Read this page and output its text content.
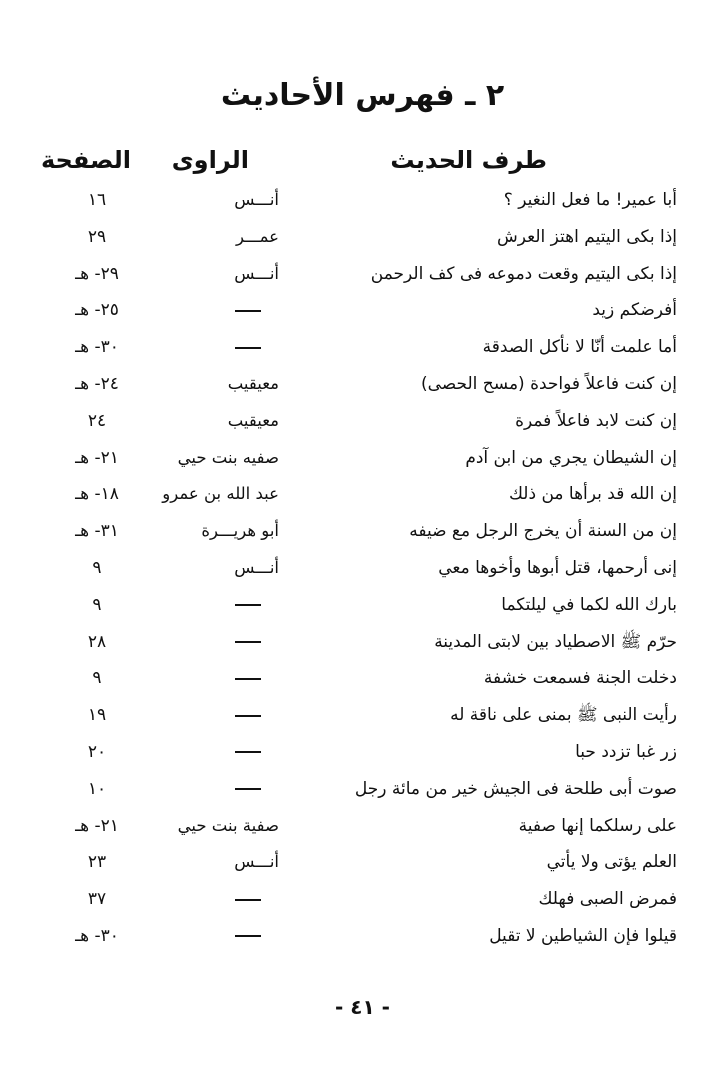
٢ ـ فهرس الأحاديث
طرف الحديث
الراوى
الصفحة
أبا عمير! ما فعل النغير ؟
أنـــس
١٦
إذا بكى اليتيم اهتز العرش
عمـــر
٢٩
إذا بكى اليتيم وقعت دموعه فى كف الرحمن
أنـــس
٢٩- هـ
أفرضكم زيد
٢٥- هـ
أما علمت أنّا لا نأكل الصدقة
٣٠- هـ
إن كنت فاعلاً فواحدة (مسح الحصى)
معيقيب
٢٤- هـ
إن كنت لابد فاعلاً فمرة
معيقيب
٢٤
إن الشيطان يجري من ابن آدم
صفيه بنت حيي
٢١- هـ
إن الله قد برأها من ذلك
عبد الله بن عمرو
١٨- هـ
إن من السنة أن يخرج الرجل مع ضيفه
أبو هريـــرة
٣١- هـ
إنى أرحمها، قتل أبوها وأخوها معي
أنـــس
٩
بارك الله لكما في ليلتكما
٩
حرّم ﷺ الاصطياد بين لابتى المدينة
٢٨
دخلت الجنة فسمعت خشفة
٩
رأيت النبى ﷺ بمنى على ناقة له
١٩
زر غبا تزدد حبا
٢٠
صوت أبى طلحة فى الجيش خير من مائة رجل
١٠
على رسلكما إنها صفية
صفية بنت حيي
٢١- هـ
العلم يؤتى ولا يأتي
أنـــس
٢٣
فمرض الصبى فهلك
٣٧
قيلوا فإن الشياطين لا تقيل
٣٠- هـ
- ٤١ -
